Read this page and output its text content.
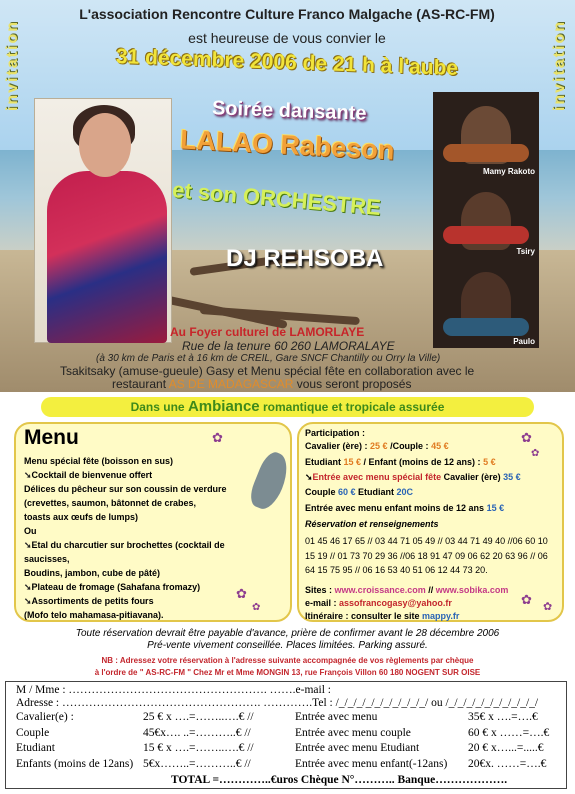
invitation	invitation
L'association Rencontre Culture Franco Malgache (AS-RC-FM)
est heureuse de vous convier le
31 décembre 2006 de 21 h à l'aube
Soirée dansante
LALAO Rabeson
et son ORCHESTRE
DJ REHSOBA
Mamy Rakoto
Tsiry
Paulo
Au Foyer culturel de LAMORLAYE
Rue de la tenure 60 260 LAMORALAYE
(à 30 km de Paris et à 16 km de CREIL, Gare SNCF Chantilly ou Orry la Ville)
Tsakitsaky (amuse-gueule) Gasy et Menu spécial fête en collaboration avec le
restaurant AS DE MADAGASCAR vous seront proposés
Dans une Ambiance romantique et tropicale assurée
Menu	✿
✿
✿
Menu spécial fête (boisson en sus)
➘Cocktail de bienvenue offert
Délices du pêcheur sur son coussin de verdure
(crevettes, saumon, bâtonnet de crabes,
toasts aux œufs de lumps)
Ou
➘Etal du charcutier sur brochettes (cocktail de
saucisses,
Boudins, jambon, cube de pâté)
➘Plateau de fromage (Sahafana fromazy)
➘Assortiments de petits fours
(Mofo telo mahamasa-pitiavana).
✿
✿
✿ ✿
Participation :
Cavalier (ère) : 25 € /Couple : 45 €
Etudiant 15 € / Enfant (moins de 12 ans) : 5 €
➘Entrée avec menu spécial fête Cavalier (ère) 35 €
Couple 60 € Etudiant 20C
Entrée avec menu enfant moins de 12 ans 15 €
Réservation et renseignements
01 45 46 17 65 // 03 44 71 05 49 // 03 44 71 49 40 //06 60 10 15 19 // 01 73 70 29 36 //06 18 91 47 09 06 62 20 63 96 // 06 64 15 75 95 // 06 16 53 40 51 06 12 44 73 20.
Sites : www.croissance.com // www.sobika.com
e-mail : assofrancogasy@yahoo.fr
Itinéraire : consulter le site mappy.fr
Toute réservation devrait être payable d'avance, prière de confirmer avant le 28 décembre 2006
Pré-vente vivement conseillée. Places limitées. Parking assuré.
NB : Adressez votre réservation à l'adresse suivante accompagnée de vos règlements par chèque
à l'ordre de " AS-RC-FM " Chez Mr et Mme MONGIN 13, rue François Villon 60 180 NOGENT SUR OISE
M / Mme : ……………………………………………. …….e-mail :
Adresse : ……………………………………………. ………….Tel : /_/_/_/_/_/_/_/_/_/_/ ou /_/_/_/_/_/_/_/_/_/_/
TOTAL =…………..€uros Chèque N°……….. Banque……………….
Cavalier(e) :	25 € x ….=……..….€ //	Entrée avec menu	35€ x ….=….€
Couple	45€x…. ..=………..€ //	Entrée avec menu couple	60 € x ……=….€
Etudiant	15 € x ….=……..….€ //	Entrée avec menu Etudiant	20 € x…...=.....€
Enfants (moins de 12ans) 5€x……..=………..€ //	Entrée avec menu enfant(-12ans) 20€x. ……=….€
